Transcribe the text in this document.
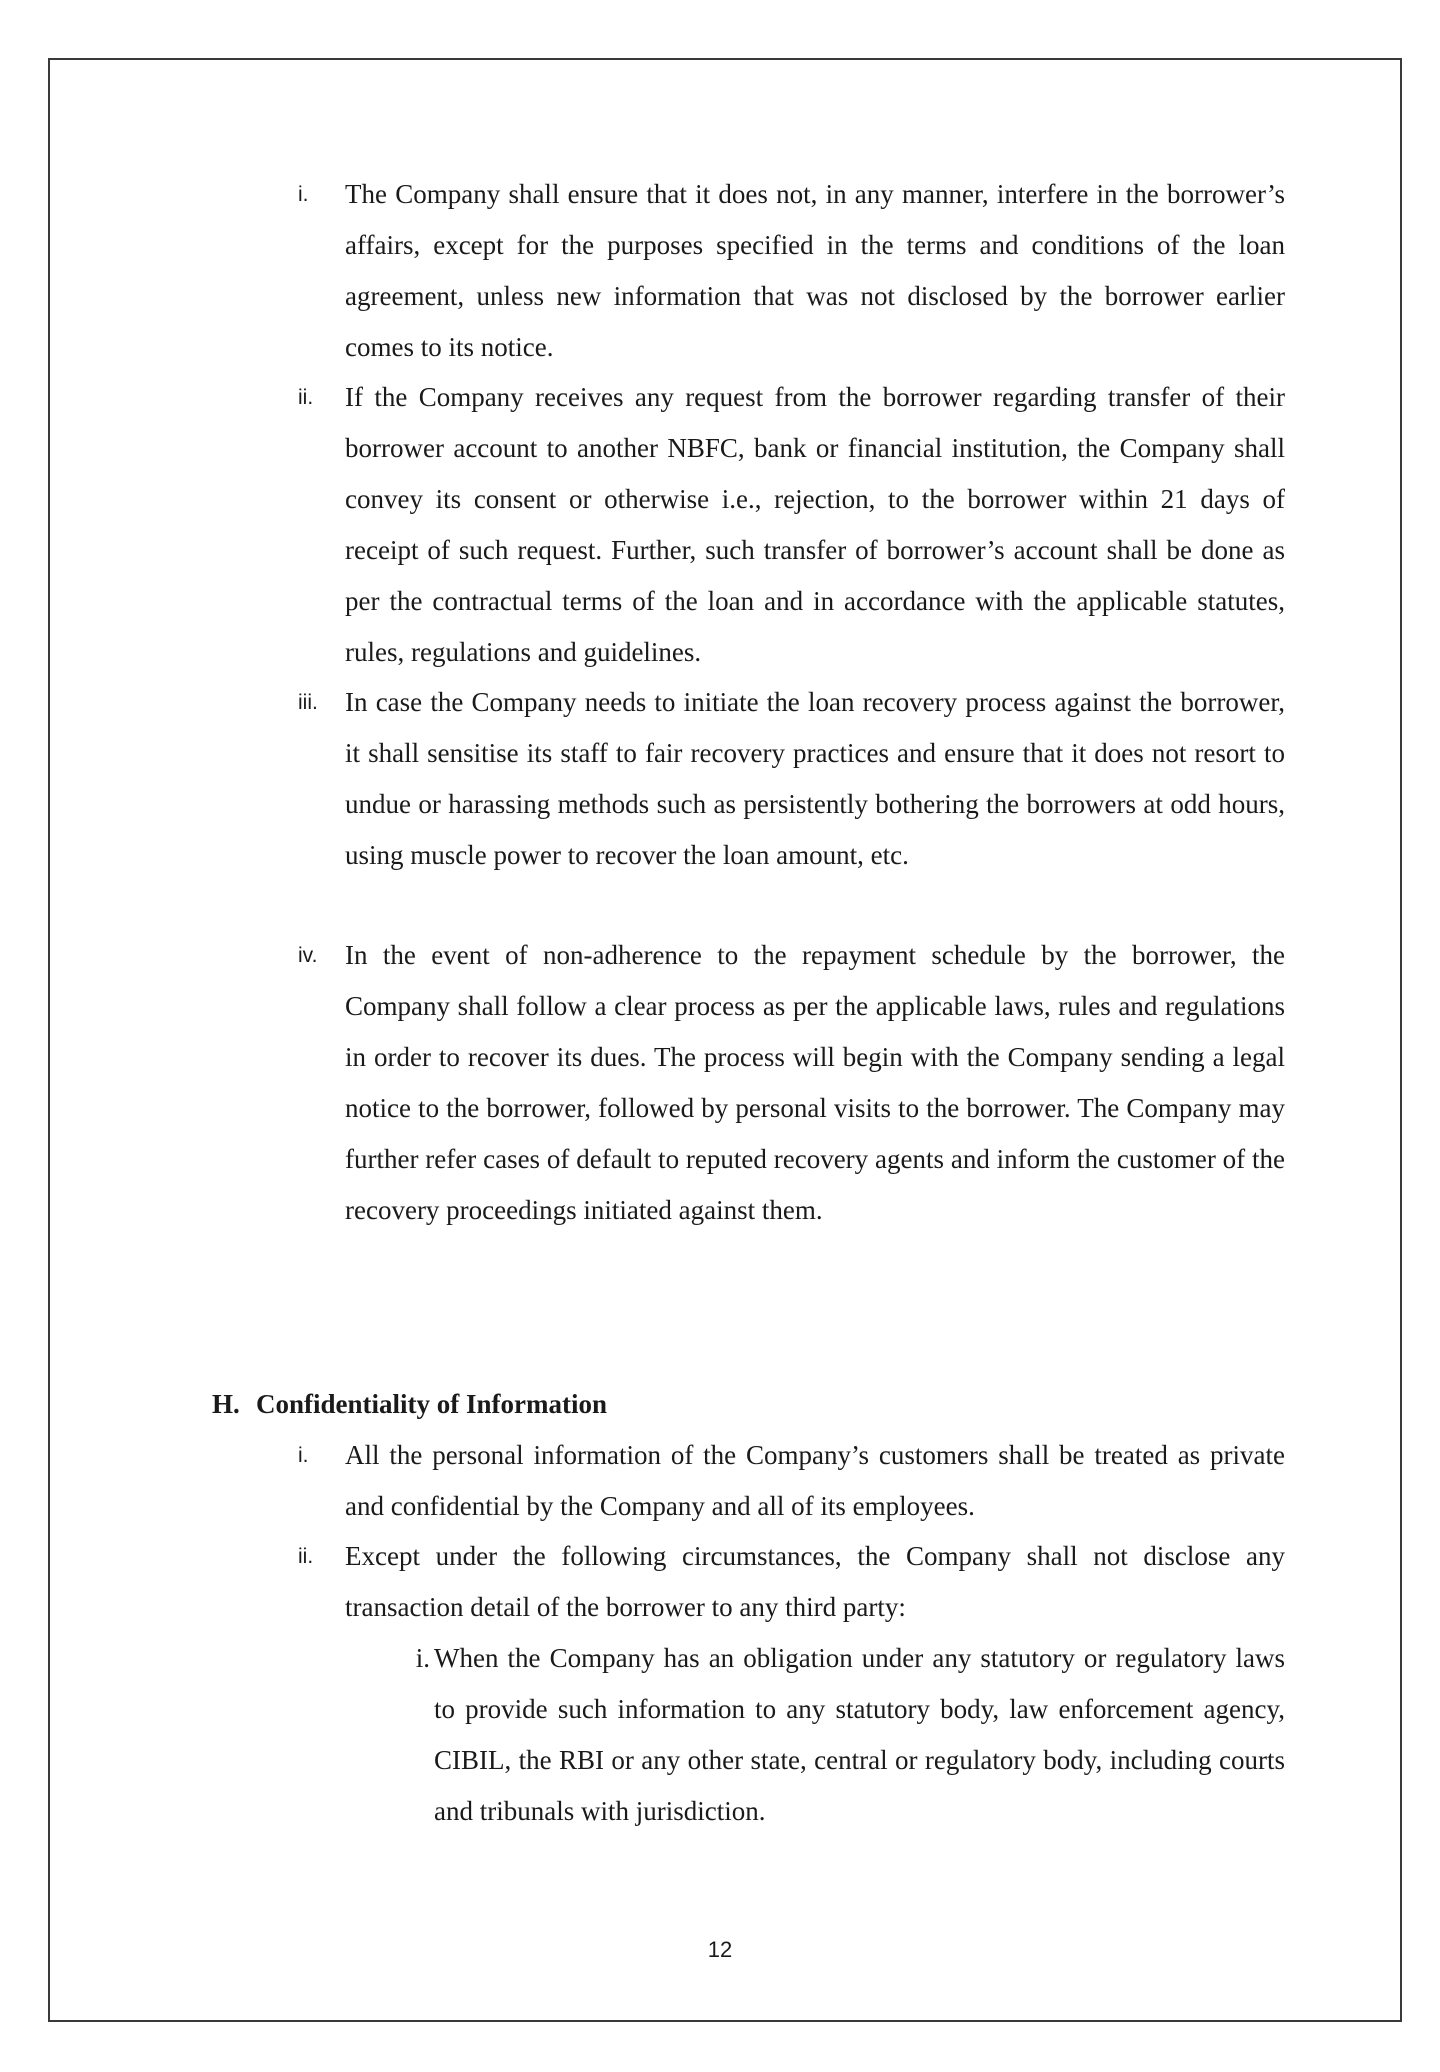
i.	The Company shall ensure that it does not, in any manner, interfere in the borrower’s affairs, except for the purposes specified in the terms and conditions of the loan agreement, unless new information that was not disclosed by the borrower earlier comes to its notice.
ii.	If the Company receives any request from the borrower regarding transfer of their borrower account to another NBFC, bank or financial institution, the Company shall convey its consent or otherwise i.e., rejection, to the borrower within 21 days of receipt of such request. Further, such transfer of borrower’s account shall be done as per the contractual terms of the loan and in accordance with the applicable statutes, rules, regulations and guidelines.
iii.	In case the Company needs to initiate the loan recovery process against the borrower, it shall sensitise its staff to fair recovery practices and ensure that it does not resort to undue or harassing methods such as persistently bothering the borrowers at odd hours, using muscle power to recover the loan amount, etc.
iv.	In the event of non-adherence to the repayment schedule by the borrower, the Company shall follow a clear process as per the applicable laws, rules and regulations in order to recover its dues. The process will begin with the Company sending a legal notice to the borrower, followed by personal visits to the borrower. The Company may further refer cases of default to reputed recovery agents and inform the customer of the recovery proceedings initiated against them.
H. Confidentiality of Information
i.	All the personal information of the Company’s customers shall be treated as private and confidential by the Company and all of its employees.
ii.	Except under the following circumstances, the Company shall not disclose any transaction detail of the borrower to any third party:
i. When the Company has an obligation under any statutory or regulatory laws to provide such information to any statutory body, law enforcement agency, CIBIL, the RBI or any other state, central or regulatory body, including courts and tribunals with jurisdiction.
12
